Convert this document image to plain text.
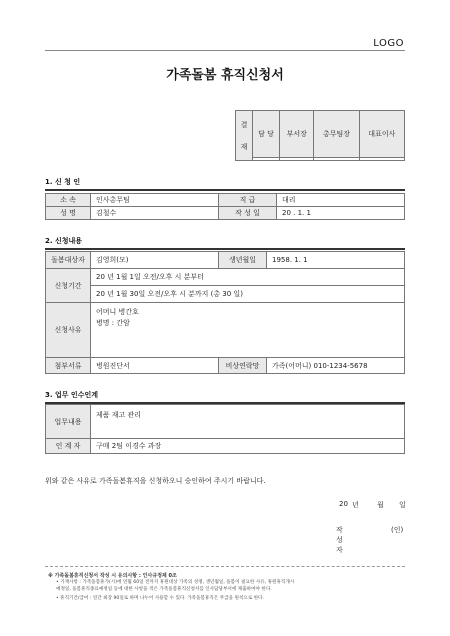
LOGO
가족돌봄 휴직신청서
결
재	담 당	부서장	총무팀장	대표이사

1. 신 청 인
소 속	인사총무팀	직 급	대리
성 명	김철수	작 성 일	20 . 1. 1
2. 신청내용
돌봄대상자	김영희(모)	생년월일	1958. 1. 1
신청기간	20 년 1월 1일 오전/오후 시 분부터		
	20 년 1월 30일 오전/오후 시 분까지 (총 30 일)		
신청사유	어머니 병간호
병명 : 간암		

첨부서류	병원진단서	비상연락망	가족(어머니) 010-1234-5678
3. 업무 인수인계
업무내용	제품 재고 관리
인 계 자	구매 2팀 이경수 과장
위와 같은 사유로 가족돌봄휴직을 신청하오니 승인하여 주시기 바랍니다.
20 년	월 일
작성자
(인)
※ 가족돌봄휴직신청서 작성 시 유의사항 : 인사규정제 0조
• 기재사항 : 가족돌봄휴가(시)에 연월 60일 전까지 휴원대상 가족의 성명, 생년월일, 돌봄이 필요한 사유, 휴원휴직개시
예정일, 돌봄휴직종료예정일 등에 대한 사항을 적은 가족돌봄휴직신청서를 인사담당부서에 제출하여야 한다.
• 휴직기간/급여 : 연간 최장 90일로 하며 나누어 사용할 수 있다. 가족돌봄휴직은 무급을 원칙으로 한다.
